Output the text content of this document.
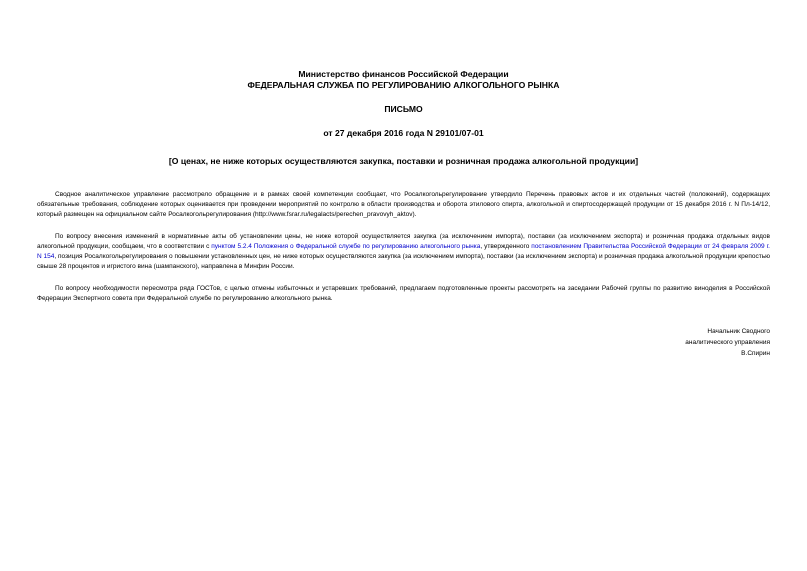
Министерство финансов Российской Федерации
ФЕДЕРАЛЬНАЯ СЛУЖБА ПО РЕГУЛИРОВАНИЮ АЛКОГОЛЬНОГО РЫНКА
ПИСЬМО
от 27 декабря 2016 года N 29101/07-01
[О ценах, не ниже которых осуществляются закупка, поставки и розничная продажа алкогольной продукции]

Сводное аналитическое управление рассмотрело обращение и в рамках своей компетенции сообщает, что Росалкогольрегулирование утвердило Перечень правовых актов и их отдельных частей (положений), содержащих обязательные требования, соблюдение которых оценивается при проведении мероприятий по контролю в области производства и оборота этилового спирта, алкогольной и спиртосодержащей продукции от 15 декабря 2016 г. N Пл-14/12, который размещен на официальном сайте Росалкогольрегулирования (http://www.fsrar.ru/legalacts/perechen_pravovyh_aktov).

По вопросу внесения изменений в нормативные акты об установлении цены, не ниже которой осуществляется закупка (за исключением импорта), поставки (за исключением экспорта) и розничная продажа отдельных видов алкогольной продукции, сообщаем, что в соответствии с пунктом 5.2.4 Положения о Федеральной службе по регулированию алкогольного рынка, утвержденного постановлением Правительства Российской Федерации от 24 февраля 2009 г. N 154, позиция Росалкогольрегулирования о повышении установленных цен, не ниже которых осуществляются закупка (за исключением импорта), поставки (за исключением экспорта) и розничная продажа алкогольной продукции крепостью свыше 28 процентов и игристого вина (шампанского), направлена в Минфин России.

По вопросу необходимости пересмотра ряда ГОСТов, с целью отмены избыточных и устаревших требований, предлагаем подготовленные проекты рассмотреть на заседании Рабочей группы по развитию виноделия в Российской Федерации Экспертного совета при Федеральной службе по регулированию алкогольного рынка.

Начальник Сводного
аналитического управления
В.Спирин
